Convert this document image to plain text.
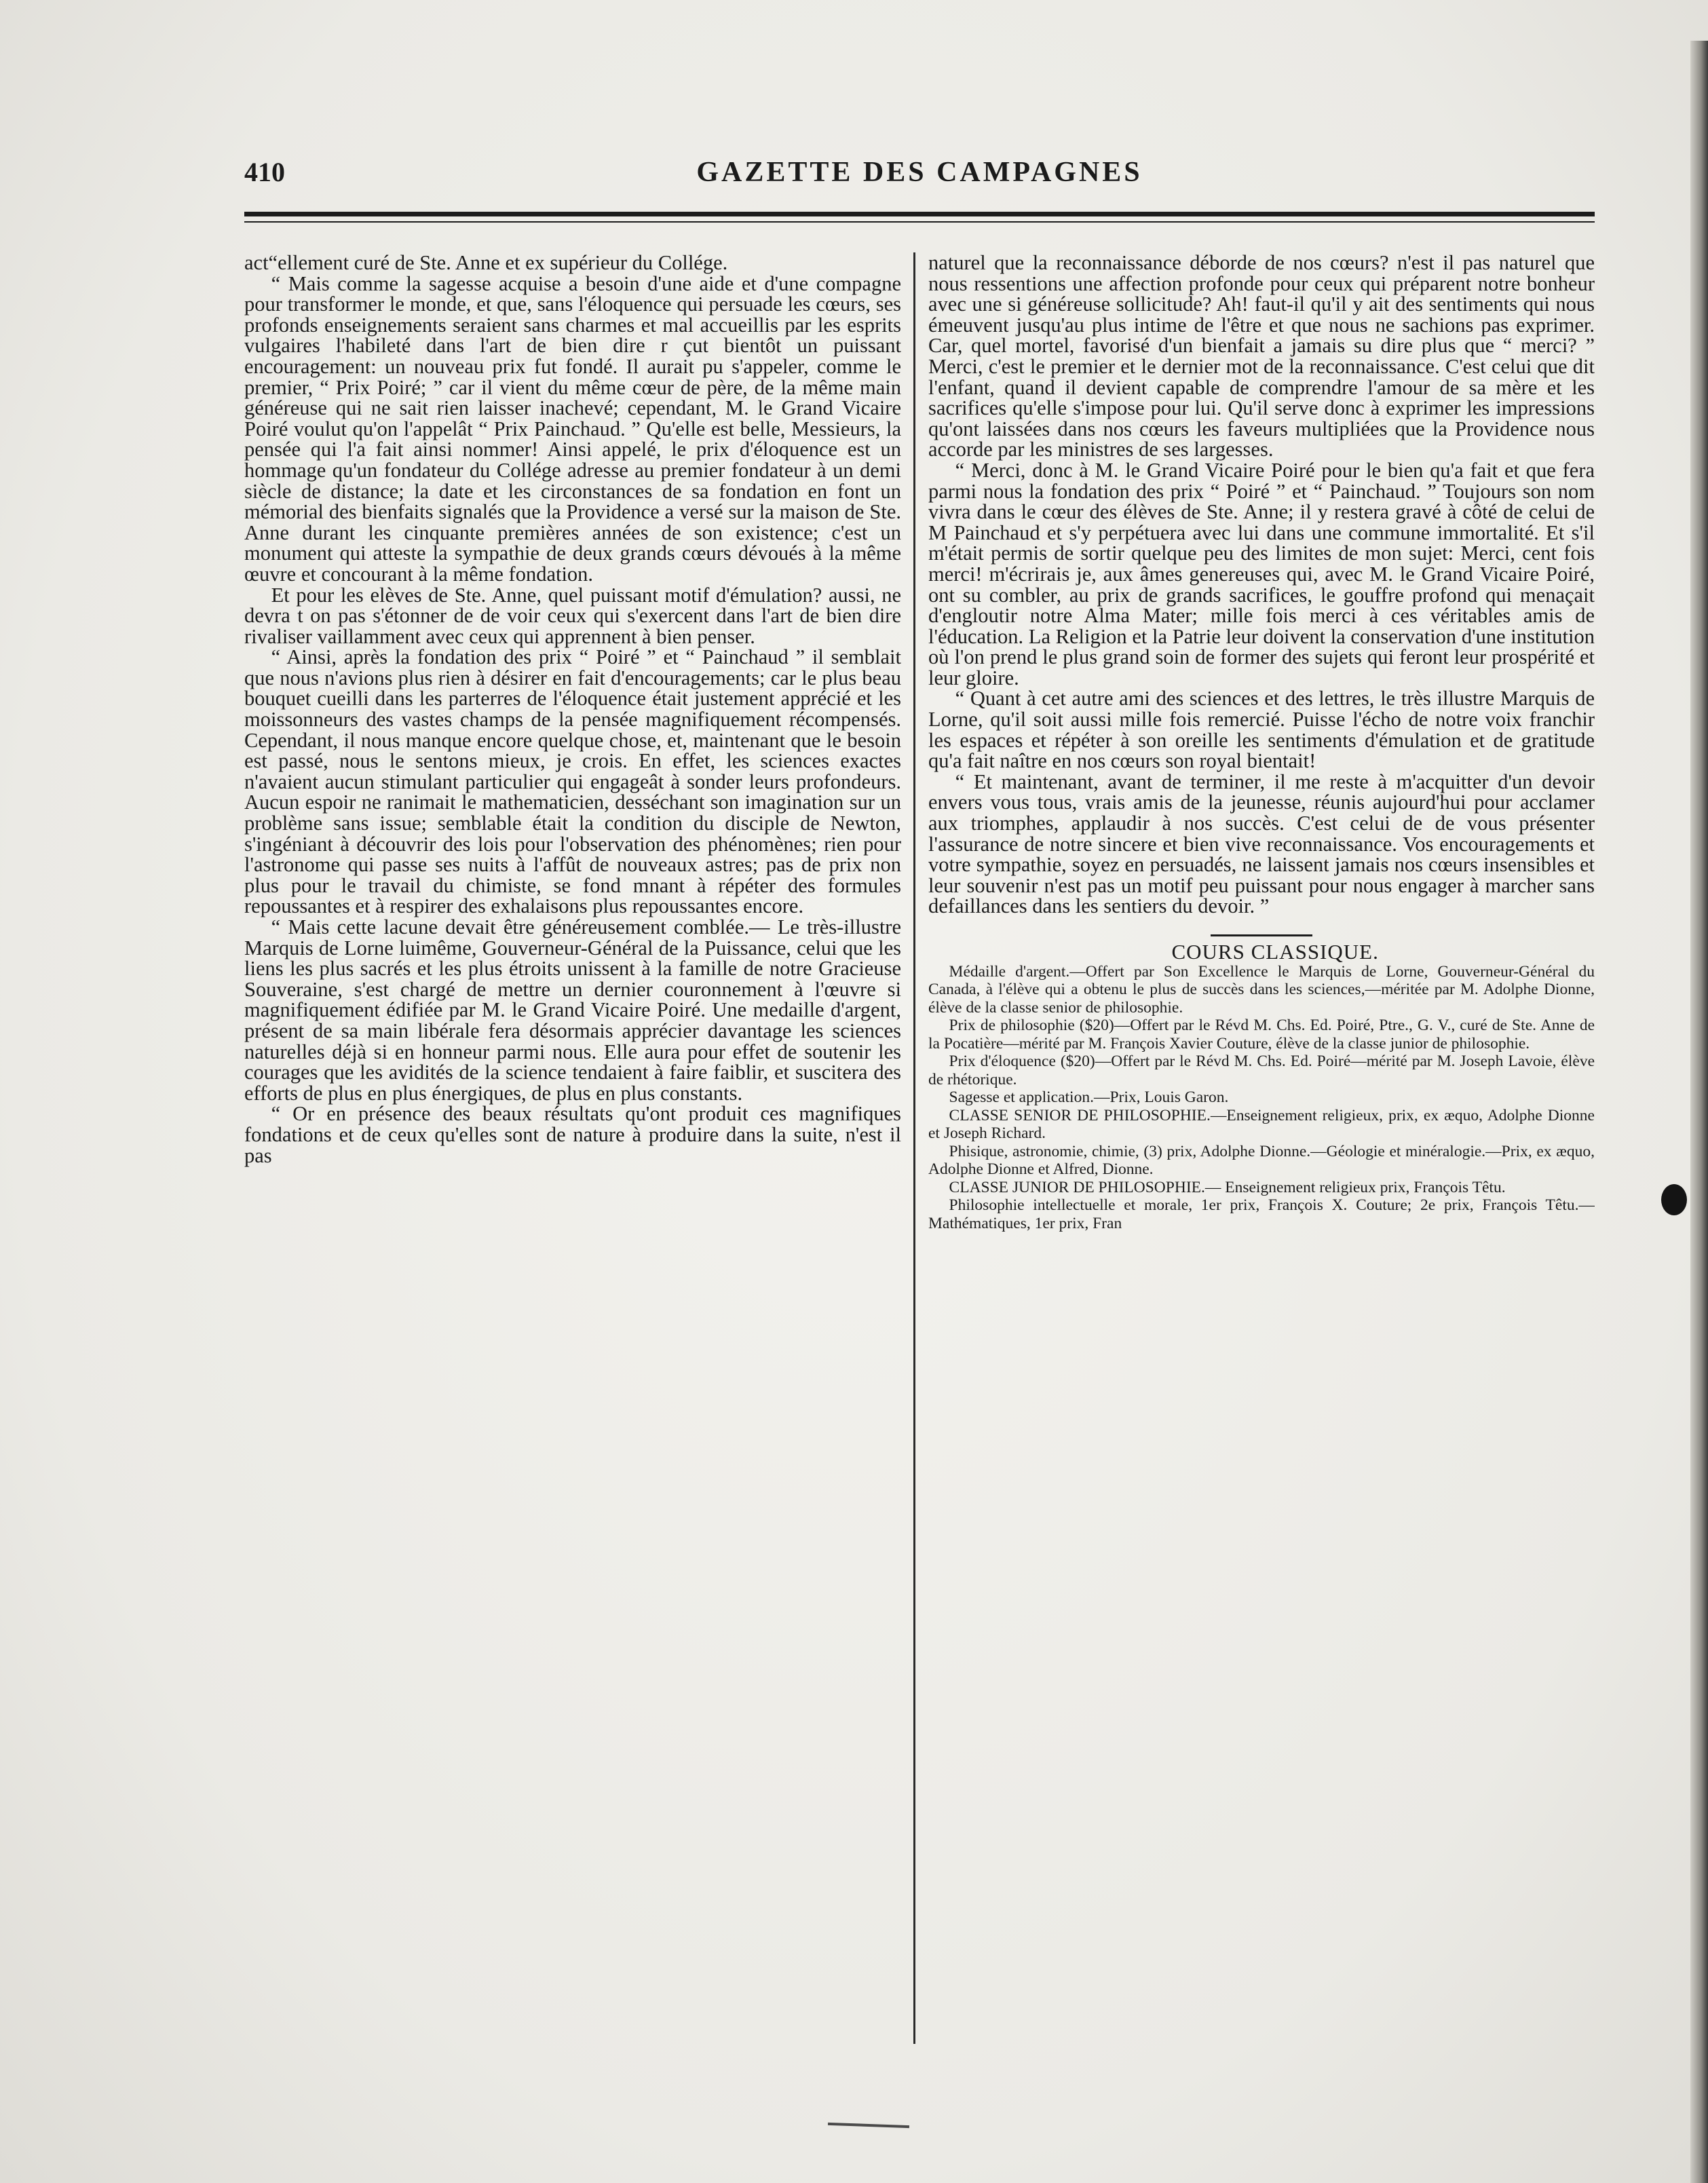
410	GAZETTE DES CAMPAGNES

act“ellement curé de Ste. Anne et ex supérieur du Collége.

“ Mais comme la sagesse acquise a besoin d'une aide et d'une compagne pour transformer le monde, et que, sans l'éloquence qui persuade les cœurs, ses profonds enseignements seraient sans charmes et mal accueillis par les esprits vulgaires l'habileté dans l'art de bien dire r çut bientôt un puissant encouragement: un nouveau prix fut fondé. Il aurait pu s'appeler, comme le premier, “ Prix Poiré; ” car il vient du même cœur de père, de la même main généreuse qui ne sait rien laisser inachevé; cependant, M. le Grand Vicaire Poiré voulut qu'on l'appelât “ Prix Painchaud. ” Qu'elle est belle, Messieurs, la pensée qui l'a fait ainsi nommer! Ainsi appelé, le prix d'éloquence est un hommage qu'un fondateur du Collége adresse au premier fondateur à un demi siècle de distance; la date et les circonstances de sa fondation en font un mémorial des bienfaits signalés que la Providence a versé sur la maison de Ste. Anne durant les cinquante premières années de son existence; c'est un monument qui atteste la sympathie de deux grands cœurs dévoués à la même œuvre et concourant à la même fondation.

Et pour les elèves de Ste. Anne, quel puissant motif d'émulation? aussi, ne devra t on pas s'étonner de de voir ceux qui s'exercent dans l'art de bien dire rivaliser vaillamment avec ceux qui apprennent à bien penser.

“ Ainsi, après la fondation des prix “ Poiré ” et “ Painchaud ” il semblait que nous n'avions plus rien à désirer en fait d'encouragements; car le plus beau bouquet cueilli dans les parterres de l'éloquence était justement apprécié et les moissonneurs des vastes champs de la pensée magnifiquement récompensés. Cependant, il nous manque encore quelque chose, et, maintenant que le besoin est passé, nous le sentons mieux, je crois. En effet, les sciences exactes n'avaient aucun stimulant particulier qui engageât à sonder leurs profondeurs. Aucun espoir ne ranimait le mathematicien, desséchant son imagination sur un problème sans issue; semblable était la condition du disciple de Newton, s'ingéniant à découvrir des lois pour l'observation des phénomènes; rien pour l'astronome qui passe ses nuits à l'affût de nouveaux astres; pas de prix non plus pour le travail du chimiste, se fond mnant à répéter des formules repoussantes et à respirer des exhalaisons plus repoussantes encore.

“ Mais cette lacune devait être généreusement comblée.— Le très-illustre Marquis de Lorne luimême, Gouverneur-Général de la Puissance, celui que les liens les plus sacrés et les plus étroits unissent à la famille de notre Gracieuse Souveraine, s'est chargé de mettre un dernier couronnement à l'œuvre si magnifiquement édifiée par M. le Grand Vicaire Poiré. Une medaille d'argent, présent de sa main libérale fera désormais apprécier davantage les sciences naturelles déjà si en honneur parmi nous. Elle aura pour effet de soutenir les courages que les avidités de la science tendaient à faire faiblir, et suscitera des efforts de plus en plus énergiques, de plus en plus constants.

“ Or en présence des beaux résultats qu'ont produit ces magnifiques fondations et de ceux qu'elles sont de nature à produire dans la suite, n'est il pas

naturel que la reconnaissance déborde de nos cœurs? n'est il pas naturel que nous ressentions une affection profonde pour ceux qui préparent notre bonheur avec une si généreuse sollicitude? Ah! faut-il qu'il y ait des sentiments qui nous émeuvent jusqu'au plus intime de l'être et que nous ne sachions pas exprimer. Car, quel mortel, favorisé d'un bienfait a jamais su dire plus que “ merci? ” Merci, c'est le premier et le dernier mot de la reconnaissance. C'est celui que dit l'enfant, quand il devient capable de comprendre l'amour de sa mère et les sacrifices qu'elle s'impose pour lui. Qu'il serve donc à exprimer les impressions qu'ont laissées dans nos cœurs les faveurs multipliées que la Providence nous accorde par les ministres de ses largesses.

“ Merci, donc à M. le Grand Vicaire Poiré pour le bien qu'a fait et que fera parmi nous la fondation des prix “ Poiré ” et “ Painchaud. ” Toujours son nom vivra dans le cœur des élèves de Ste. Anne; il y restera gravé à côté de celui de M Painchaud et s'y perpétuera avec lui dans une commune immortalité. Et s'il m'était permis de sortir quelque peu des limites de mon sujet: Merci, cent fois merci! m'écrirais je, aux âmes genereuses qui, avec M. le Grand Vicaire Poiré, ont su combler, au prix de grands sacrifices, le gouffre profond qui menaçait d'engloutir notre Alma Mater; mille fois merci à ces véritables amis de l'éducation. La Religion et la Patrie leur doivent la conservation d'une institution où l'on prend le plus grand soin de former des sujets qui feront leur prospérité et leur gloire.

“ Quant à cet autre ami des sciences et des lettres, le très illustre Marquis de Lorne, qu'il soit aussi mille fois remercié. Puisse l'écho de notre voix franchir les espaces et répéter à son oreille les sentiments d'émulation et de gratitude qu'a fait naître en nos cœurs son royal bientait!

“ Et maintenant, avant de terminer, il me reste à m'acquitter d'un devoir envers vous tous, vrais amis de la jeunesse, réunis aujourd'hui pour acclamer aux triomphes, applaudir à nos succès. C'est celui de de vous présenter l'assurance de notre sincere et bien vive reconnaissance. Vos encouragements et votre sympathie, soyez en persuadés, ne laissent jamais nos cœurs insensibles et leur souvenir n'est pas un motif peu puissant pour nous engager à marcher sans defaillances dans les sentiers du devoir. ”

COURS CLASSIQUE.

Médaille d'argent.—Offert par Son Excellence le Marquis de Lorne, Gouverneur-Général du Canada, à l'élève qui a obtenu le plus de succès dans les sciences,—méritée par M. Adolphe Dionne, élève de la classe senior de philosophie.

Prix de philosophie ($20)—Offert par le Révd M. Chs. Ed. Poiré, Ptre., G. V., curé de Ste. Anne de la Pocatière—mérité par M. François Xavier Couture, élève de la classe junior de philosophie.

Prix d'éloquence ($20)—Offert par le Révd M. Chs. Ed. Poiré—mérité par M. Joseph Lavoie, élève de rhétorique.

Sagesse et application.—Prix, Louis Garon.

CLASSE SENIOR DE PHILOSOPHIE.—Enseignement religieux, prix, ex æquo, Adolphe Dionne et Joseph Richard.

Phisique, astronomie, chimie, (3) prix, Adolphe Dionne.—Géologie et minéralogie.—Prix, ex æquo, Adolphe Dionne et Alfred, Dionne.

CLASSE JUNIOR DE PHILOSOPHIE.— Enseignement religieux prix, François Têtu.

Philosophie intellectuelle et morale, 1er prix, François X. Couture; 2e prix, François Têtu.—Mathématiques, 1er prix, Fran
